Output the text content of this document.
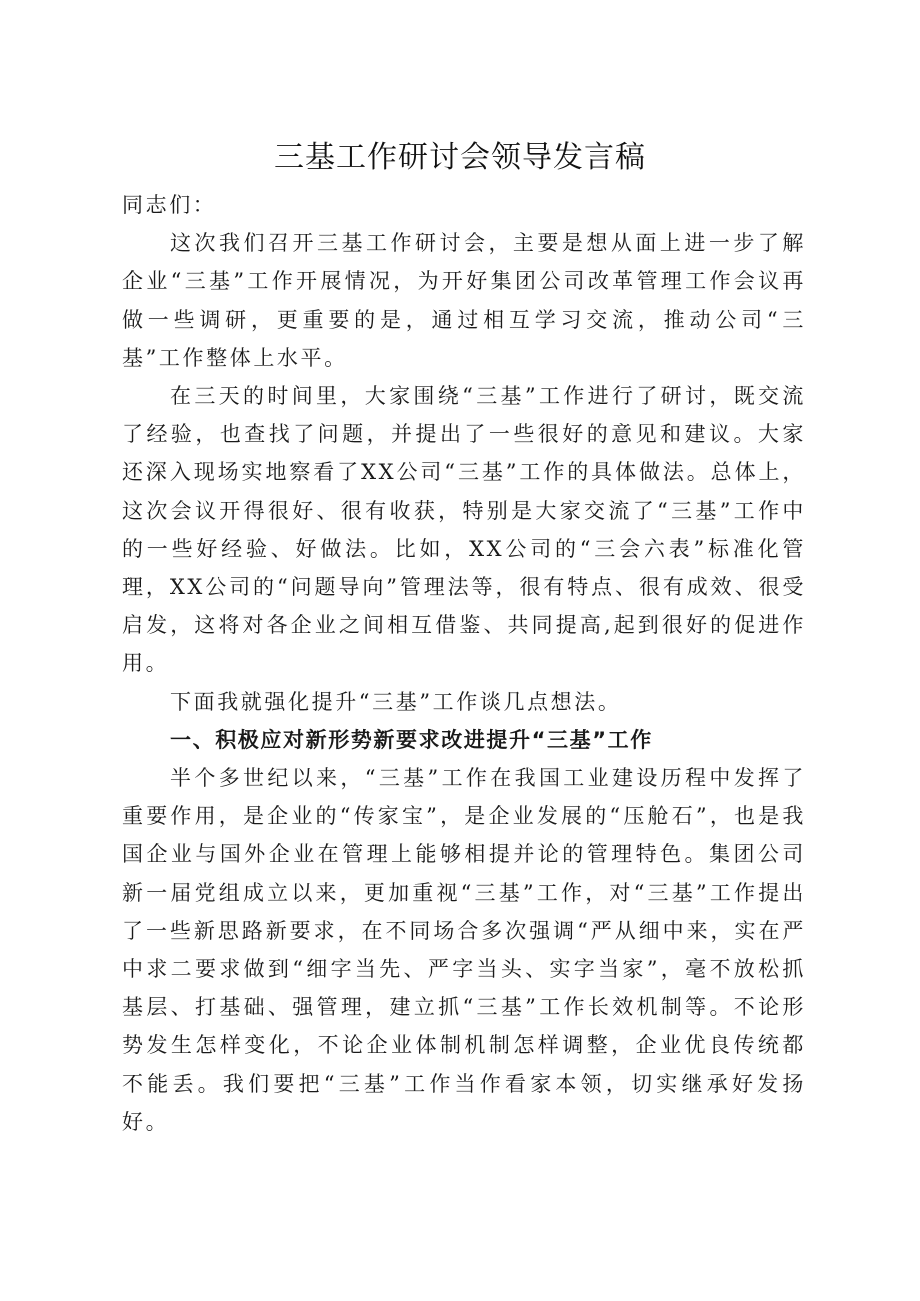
三基工作研讨会领导发言稿

同志们：

这次我们召开三基工作研讨会，主要是想从面上进一步了解企业“三基”工作开展情况，为开好集团公司改革管理工作会议再做一些调研，更重要的是，通过相互学习交流，推动公司“三基”工作整体上水平。

在三天的时间里，大家围绕“三基”工作进行了研讨，既交流了经验，也查找了问题，并提出了一些很好的意见和建议。大家还深入现场实地察看了XX公司“三基”工作的具体做法。总体上，这次会议开得很好、很有收获，特别是大家交流了“三基”工作中的一些好经验、好做法。比如，XX公司的“三会六表”标准化管理，XX公司的“问题导向”管理法等，很有特点、很有成效、很受启发，这将对各企业之间相互借鉴、共同提高,起到很好的促进作用。

下面我就强化提升“三基”工作谈几点想法。

一、积极应对新形势新要求改进提升“三基”工作

半个多世纪以来，“三基”工作在我国工业建设历程中发挥了重要作用，是企业的“传家宝”，是企业发展的“压舱石”，也是我国企业与国外企业在管理上能够相提并论的管理特色。集团公司新一届党组成立以来，更加重视“三基”工作，对“三基”工作提出了一些新思路新要求，在不同场合多次强调“严从细中来，实在严中求二要求做到“细字当先、严字当头、实字当家”，毫不放松抓基层、打基础、强管理，建立抓“三基”工作长效机制等。不论形势发生怎样变化，不论企业体制机制怎样调整，企业优良传统都不能丢。我们要把“三基”工作当作看家本领，切实继承好发扬好。
